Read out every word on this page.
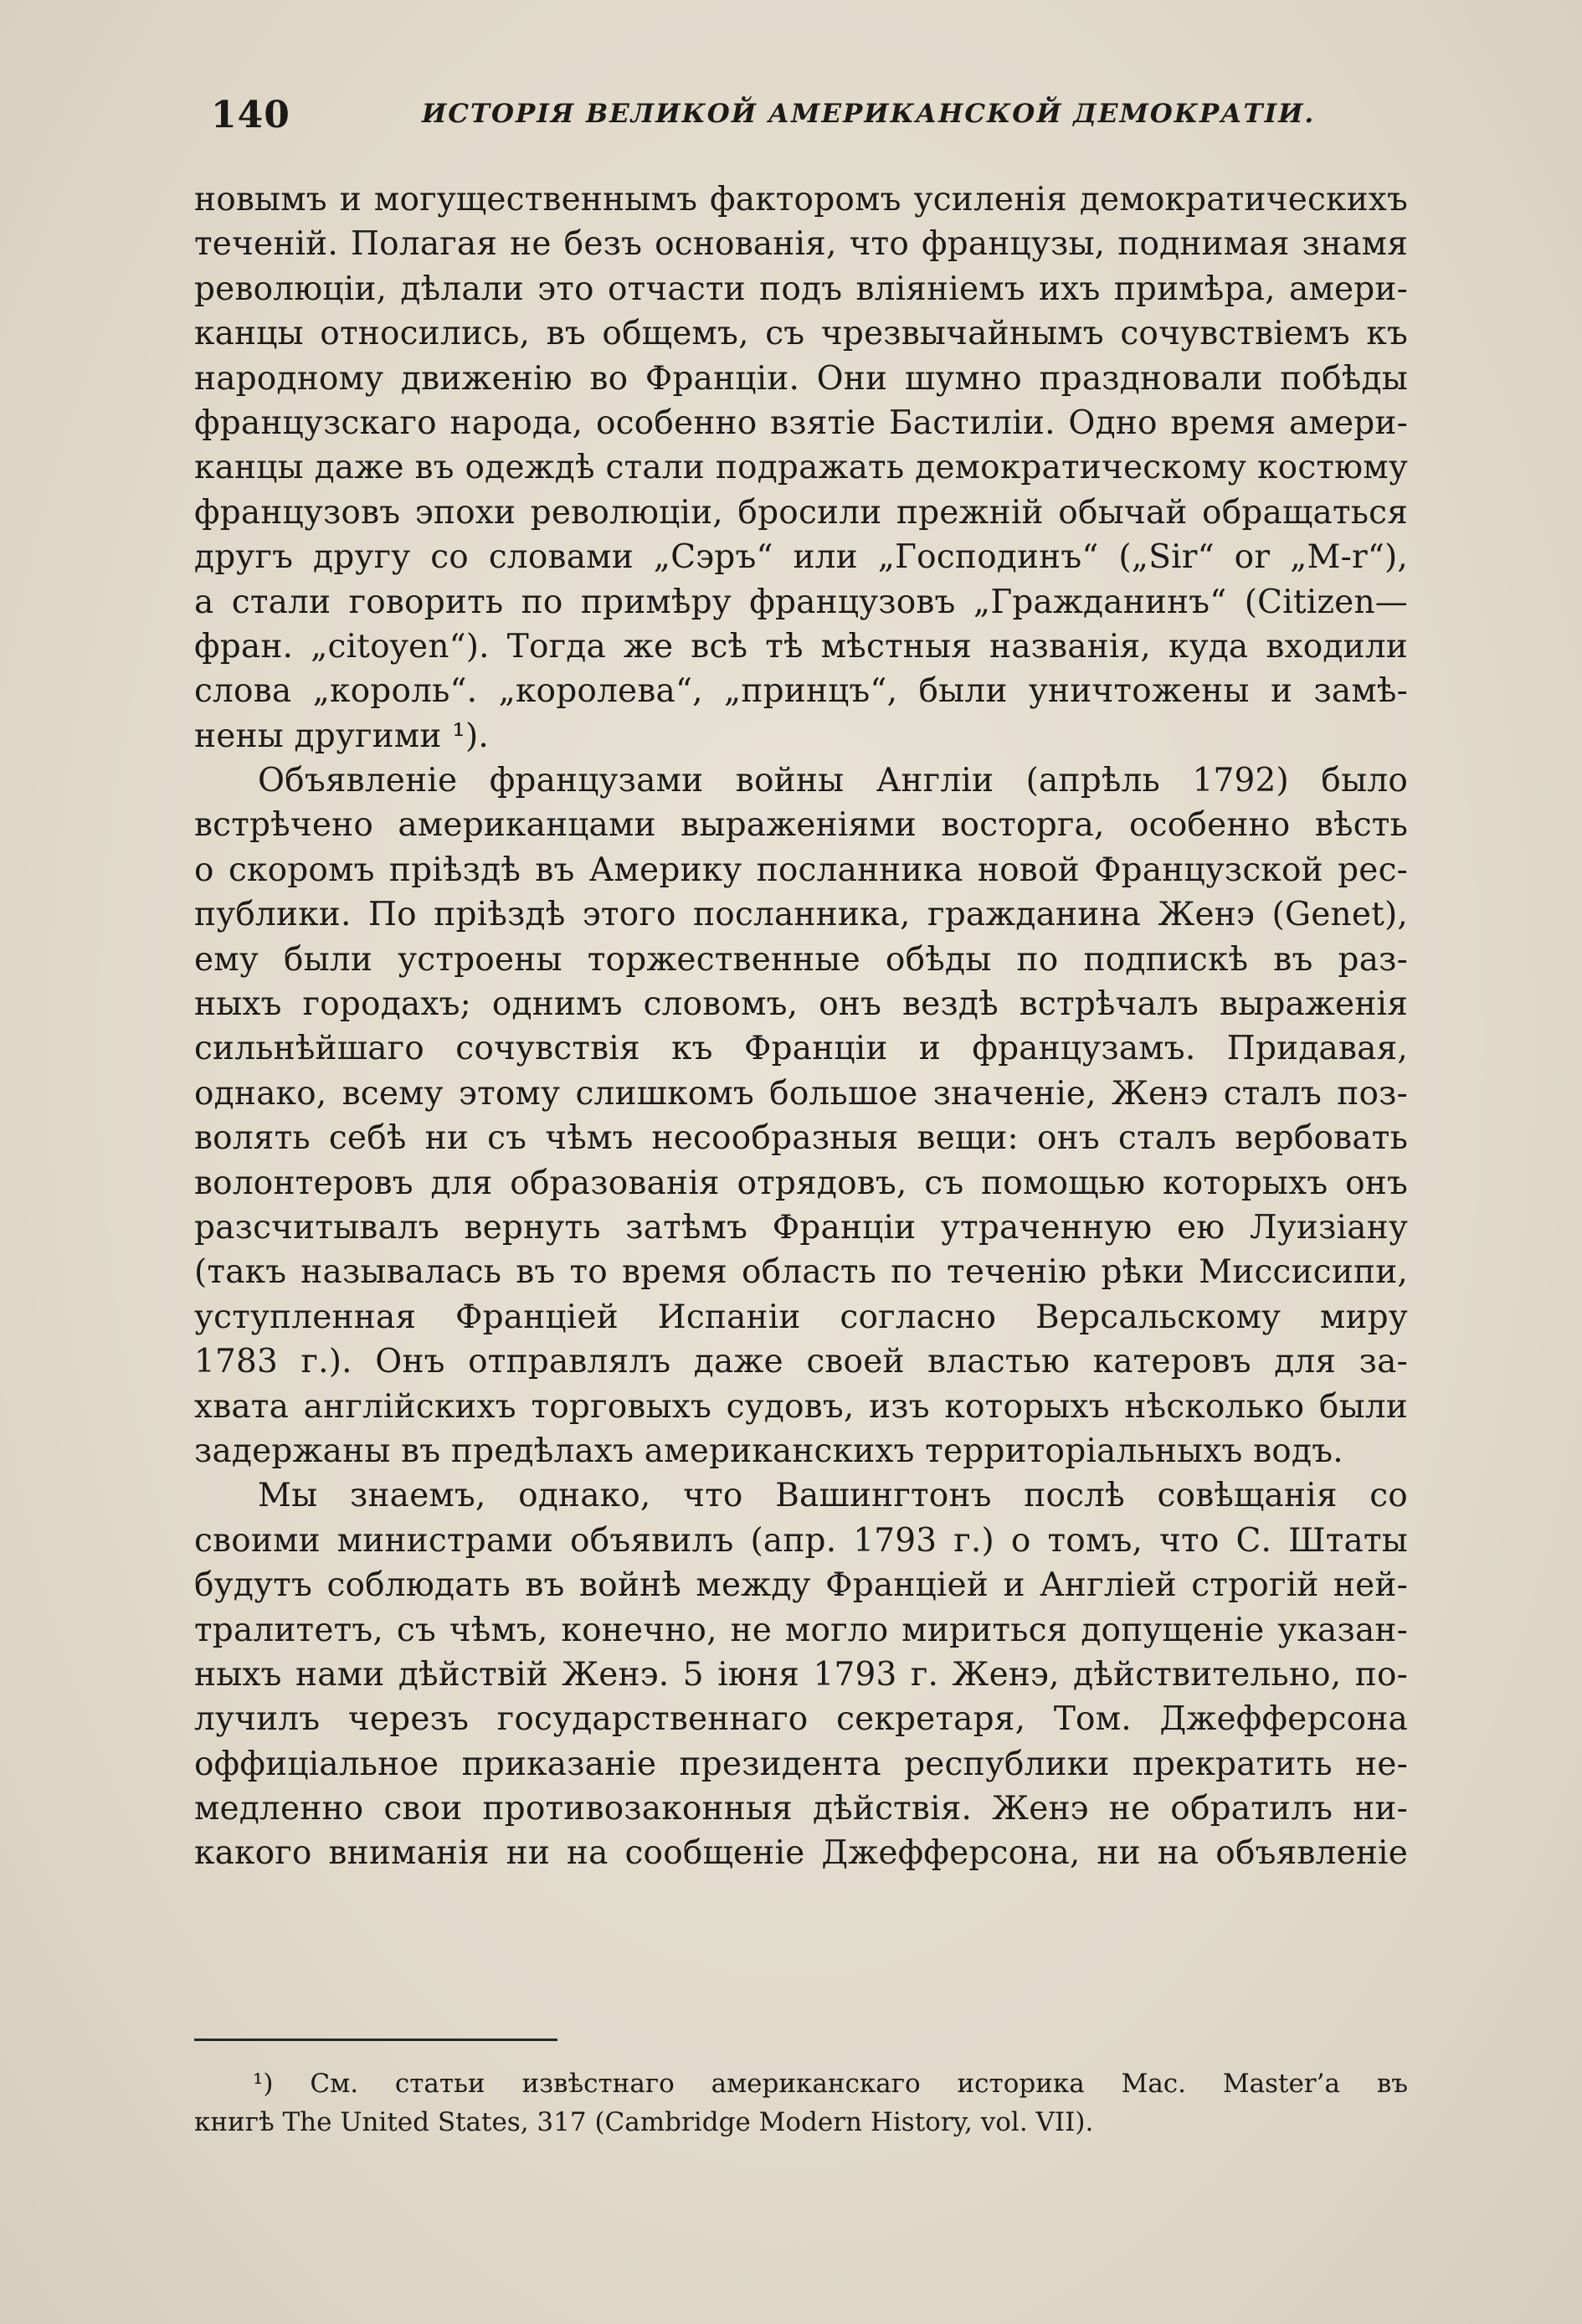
140	ИСТОРІЯ ВЕЛИКОЙ АМЕРИКАНСКОЙ ДЕМОКРАТІИ.
новымъ и могущественнымъ факторомъ усиленія демократическихъ
теченій. Полагая не безъ основанія, что французы, поднимая знамя
революціи, дѣлали это отчасти подъ вліяніемъ ихъ примѣра, амери-
канцы относились, въ общемъ, съ чрезвычайнымъ сочувствіемъ къ
народному движенію во Франціи. Они шумно праздновали побѣды
французскаго народа, особенно взятіе Бастиліи. Одно время амери-
канцы даже въ одеждѣ стали подражать демократическому костюму
французовъ эпохи революціи, бросили прежній обычай обращаться
другъ другу со словами „Сэръ“ или „Господинъ“ („Sir“ or „M-r“),
а стали говорить по примѣру французовъ „Гражданинъ“ (Citizen—
фран. „citoyen“). Тогда же всѣ тѣ мѣстныя названія, куда входили
слова „король“. „королева“, „принцъ“, были уничтожены и замѣ-
нены другими ¹).
Объявленіе французами войны Англіи (апрѣль 1792) было
встрѣчено американцами выраженіями восторга, особенно вѣсть
о скоромъ пріѣздѣ въ Америку посланника новой Французской рес-
публики. По пріѣздѣ этого посланника, гражданина Женэ (Genet),
ему были устроены торжественные обѣды по подпискѣ въ раз-
ныхъ городахъ; однимъ словомъ, онъ вездѣ встрѣчалъ выраженія
сильнѣйшаго сочувствія къ Франціи и французамъ. Придавая,
однако, всему этому слишкомъ большое значеніе, Женэ сталъ поз-
волять себѣ ни съ чѣмъ несообразныя вещи: онъ сталъ вербовать
волонтеровъ для образованія отрядовъ, съ помощью которыхъ онъ
разсчитывалъ вернуть затѣмъ Франціи утраченную ею Луизіану
(такъ называлась въ то время область по теченію рѣки Миссисипи,
уступленная Франціей Испаніи согласно Версальскому миру
1783 г.). Онъ отправлялъ даже своей властью катеровъ для за-
хвата англійскихъ торговыхъ судовъ, изъ которыхъ нѣсколько были
задержаны въ предѣлахъ американскихъ территоріальныхъ водъ.
Мы знаемъ, однако, что Вашингтонъ послѣ совѣщанія со
своими министрами объявилъ (апр. 1793 г.) о томъ, что С. Штаты
будутъ соблюдать въ войнѣ между Франціей и Англіей строгій ней-
тралитетъ, съ чѣмъ, конечно, не могло мириться допущеніе указан-
ныхъ нами дѣйствій Женэ. 5 іюня 1793 г. Женэ, дѣйствительно, по-
лучилъ черезъ государственнаго секретаря, Том. Джефферсона
оффиціальное приказаніе президента республики прекратить не-
медленно свои противозаконныя дѣйствія. Женэ не обратилъ ни-
какого вниманія ни на сообщеніе Джефферсона, ни на объявленіе
¹) См. статьи извѣстнаго американскаго историка Mac. Master’а въ
книгѣ The United States, 317 (Cambridge Modern History, vol. VII).
